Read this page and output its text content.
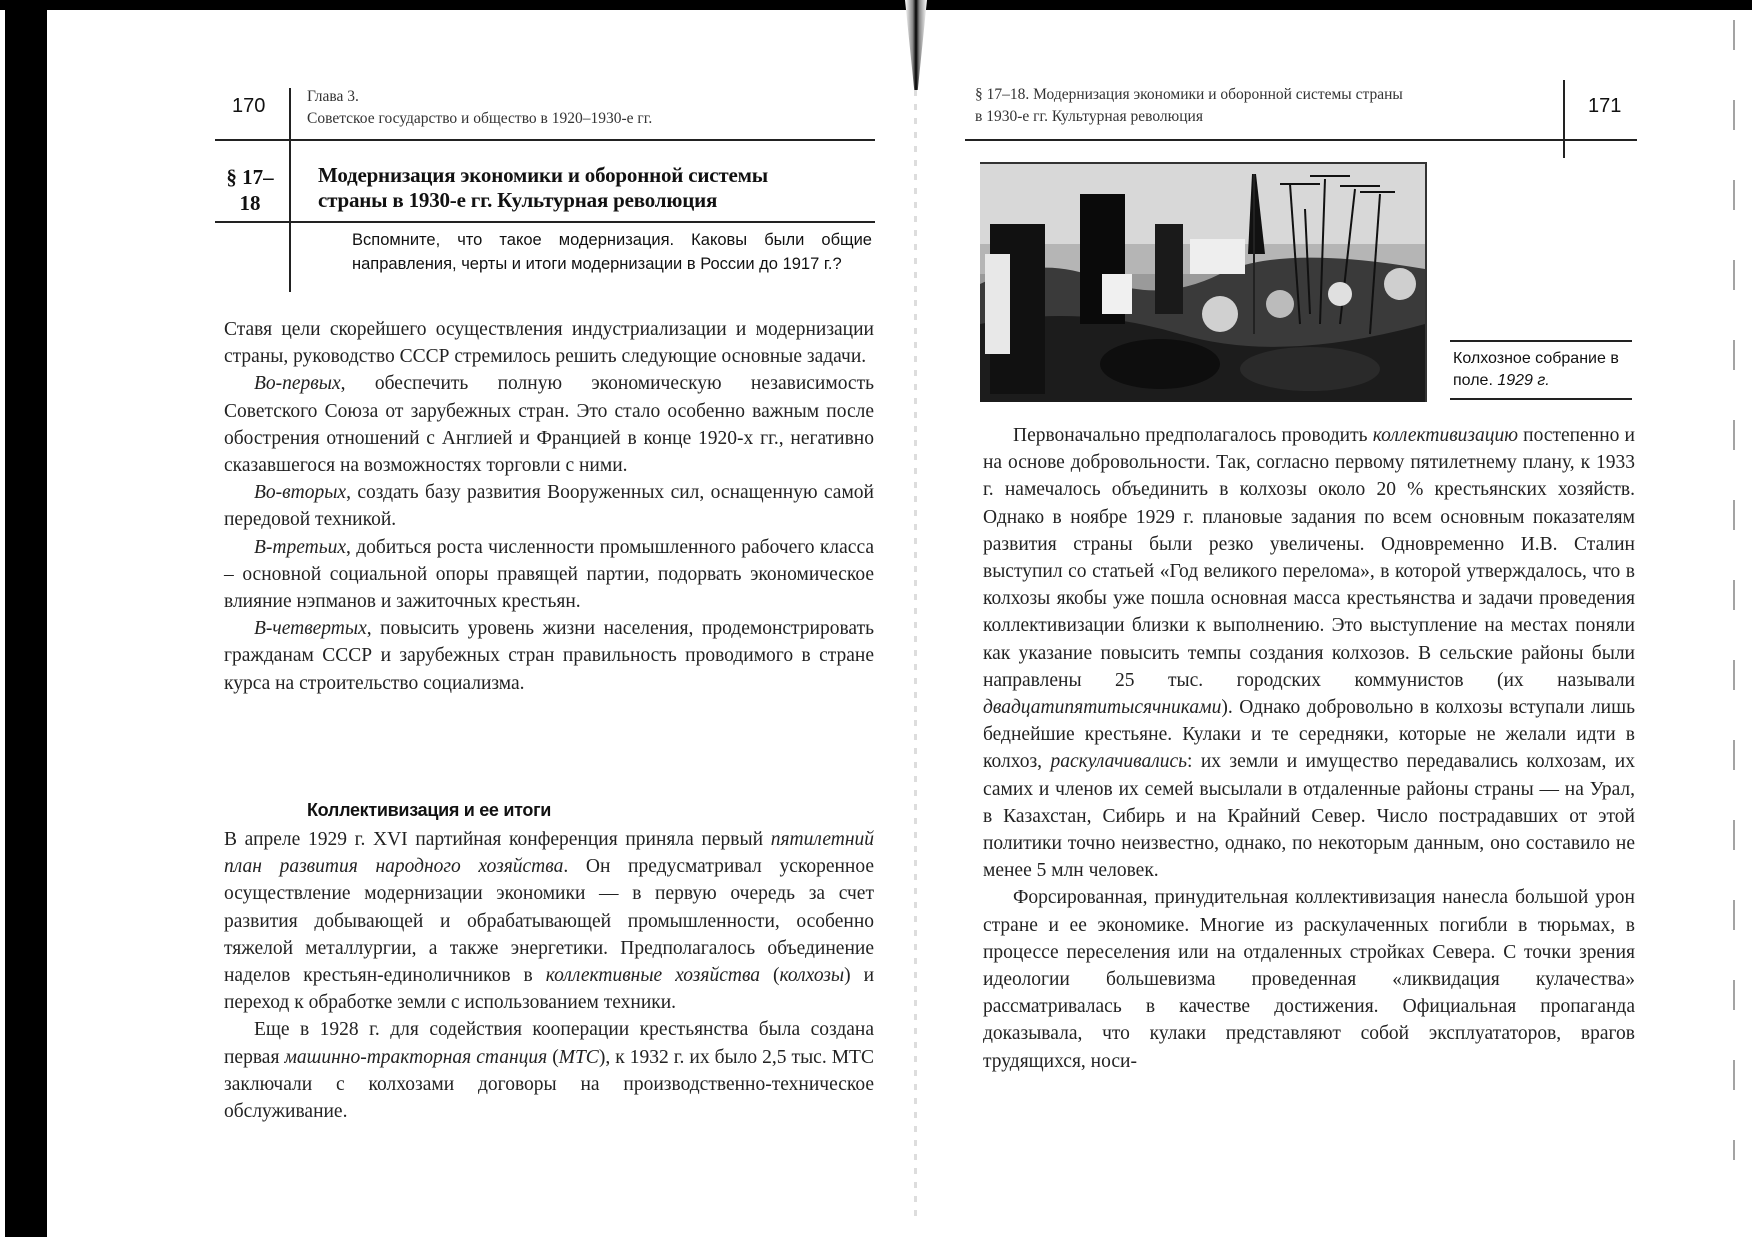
170	Глава 3.
Советское государство и общество в 1920–1930-е гг.
§ 17–
18
Модернизация экономики и оборонной системы
страны в 1930-е гг. Культурная революция
Вспомните, что такое модернизация. Каковы были общие направления, черты и итоги модернизации в России до 1917 г.?

Ставя цели скорейшего осуществления индустриализации и модернизации страны, руководство СССР стремилось решить следующие основные задачи.

Во-первых, обеспечить полную экономическую независимость Советского Союза от зарубежных стран. Это стало особенно важным после обострения отношений с Англией и Францией в конце 1920-х гг., негативно сказавшегося на возможностях торговли с ними.

Во-вторых, создать базу развития Вооруженных сил, оснащенную самой передовой техникой.

В-третьих, добиться роста численности промышленного рабочего класса – основной социальной опоры правящей партии, подорвать экономическое влияние нэпманов и зажиточных крестьян.

В-четвертых, повысить уровень жизни населения, продемонстрировать гражданам СССР и зарубежных стран правильность проводимого в стране курса на строительство социализма.

Коллективизация и ее итоги

В апреле 1929 г. XVI партийная конференция приняла первый пятилетний план развития народного хозяйства. Он предусматривал ускоренное осуществление модернизации экономики — в первую очередь за счет развития добывающей и обрабатывающей промышленности, особенно тяжелой металлургии, а также энергетики. Предполагалось объединение наделов крестьян-единоличников в коллективные хозяйства (колхозы) и переход к обработке земли с использованием техники.

Еще в 1928 г. для содействия кооперации крестьянства была создана первая машинно-тракторная станция (МТС), к 1932 г. их было 2,5 тыс. МТС заключали с колхозами договоры на производственно-техническое обслуживание.

§ 17–18. Модернизация экономики и оборонной системы страны
в 1930-е гг. Культурная революция	171
Колхозное собрание в поле. 1929 г.

Первоначально предполагалось проводить коллективизацию постепенно и на основе добровольности. Так, согласно первому пятилетнему плану, к 1933 г. намечалось объединить в колхозы около 20 % крестьянских хозяйств. Однако в ноябре 1929 г. плановые задания по всем основным показателям развития страны были резко увеличены. Одновременно И.В. Сталин выступил со статьей «Год великого перелома», в которой утверждалось, что в колхозы якобы уже пошла основная масса крестьянства и задачи проведения коллективизации близки к выполнению. Это выступление на местах поняли как указание повысить темпы создания колхозов. В сельские районы были направлены 25 тыс. городских коммунистов (их называли двадцатипятитысячниками). Однако добровольно в колхозы вступали лишь беднейшие крестьяне. Кулаки и те середняки, которые не желали идти в колхоз, раскулачивались: их земли и имущество передавались колхозам, их самих и членов их семей высылали в отдаленные районы страны — на Урал, в Казахстан, Сибирь и на Крайний Север. Число пострадавших от этой политики точно неизвестно, однако, по некоторым данным, оно составило не менее 5 млн человек.

Форсированная, принудительная коллективизация нанесла большой урон стране и ее экономике. Многие из раскулаченных погибли в тюрьмах, в процессе переселения или на отдаленных стройках Севера. С точки зрения идеологии большевизма проведенная «ликвидация кулачества» рассматривалась в качестве достижения. Официальная пропаганда доказывала, что кулаки представляют собой эксплуататоров, врагов трудящихся, носи-
